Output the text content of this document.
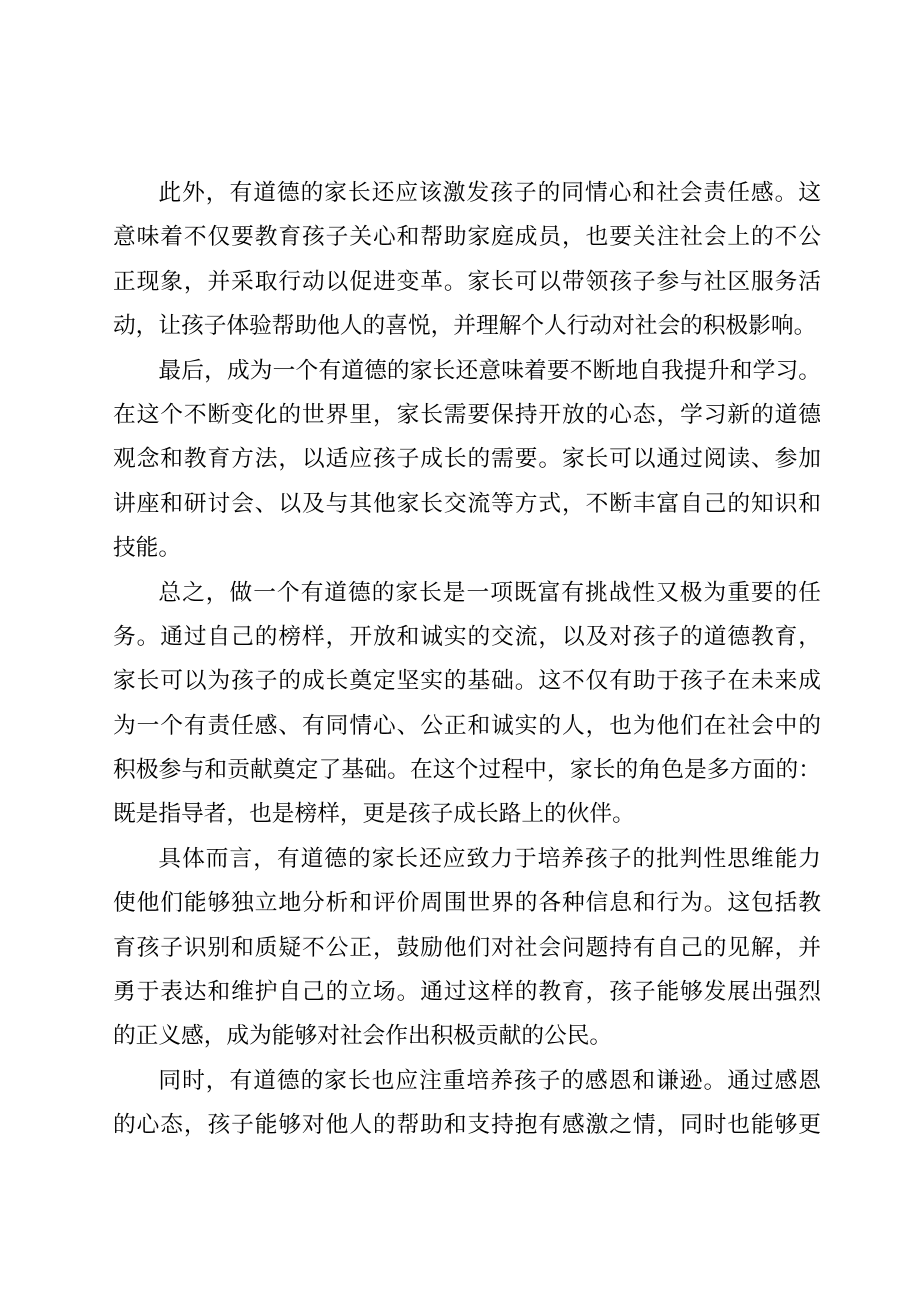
此外，有道德的家长还应该激发孩子的同情心和社会责任感。这
意味着不仅要教育孩子关心和帮助家庭成员，也要关注社会上的不公
正现象，并采取行动以促进变革。家长可以带领孩子参与社区服务活
动，让孩子体验帮助他人的喜悦，并理解个人行动对社会的积极影响。
最后，成为一个有道德的家长还意味着要不断地自我提升和学习。
在这个不断变化的世界里，家长需要保持开放的心态，学习新的道德
观念和教育方法，以适应孩子成长的需要。家长可以通过阅读、参加
讲座和研讨会、以及与其他家长交流等方式，不断丰富自己的知识和
技能。
总之，做一个有道德的家长是一项既富有挑战性又极为重要的任
务。通过自己的榜样，开放和诚实的交流，以及对孩子的道德教育，
家长可以为孩子的成长奠定坚实的基础。这不仅有助于孩子在未来成
为一个有责任感、有同情心、公正和诚实的人，也为他们在社会中的
积极参与和贡献奠定了基础。在这个过程中，家长的角色是多方面的：
既是指导者，也是榜样，更是孩子成长路上的伙伴。
具体而言，有道德的家长还应致力于培养孩子的批判性思维能力
使他们能够独立地分析和评价周围世界的各种信息和行为。这包括教
育孩子识别和质疑不公正，鼓励他们对社会问题持有自己的见解，并
勇于表达和维护自己的立场。通过这样的教育，孩子能够发展出强烈
的正义感，成为能够对社会作出积极贡献的公民。
同时，有道德的家长也应注重培养孩子的感恩和谦逊。通过感恩
的心态，孩子能够对他人的帮助和支持抱有感激之情，同时也能够更
